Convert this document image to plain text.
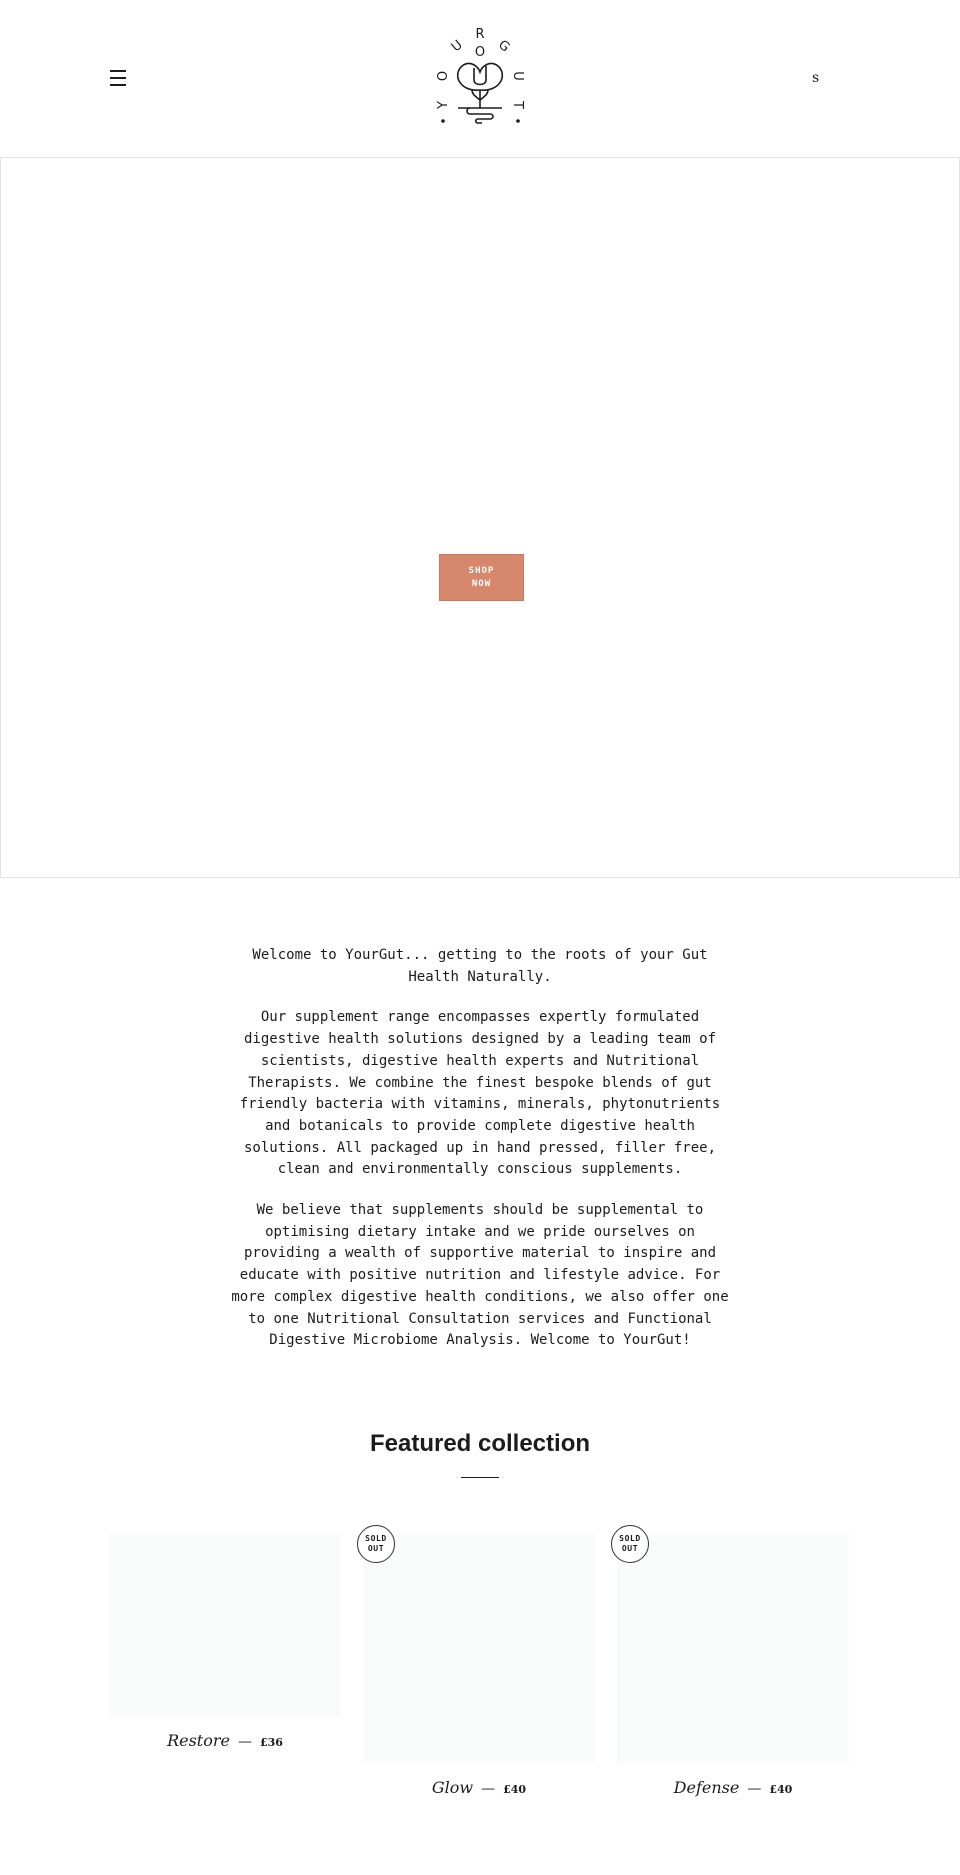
R
U O G
O	U
Y	T
s
SHOP
NOW

Welcome to YourGut... getting to the roots of your Gut Health Naturally.

Our supplement range encompasses expertly formulated digestive health solutions designed by a leading team of scientists, digestive health experts and Nutritional Therapists. We combine the finest bespoke blends of gut friendly bacteria with vitamins, minerals, phytonutrients and botanicals to provide complete digestive health solutions. All packaged up in hand pressed, filler free, clean and environmentally conscious supplements.

We believe that supplements should be supplemental to optimising dietary intake and we pride ourselves on providing a wealth of supportive material to inspire and educate with positive nutrition and lifestyle advice. For more complex digestive health conditions, we also offer one to one Nutritional Consultation services and Functional Digestive Microbiome Analysis. Welcome to YourGut!

Featured collection
Restore — £36
Glow — £40
SOLD
OUT
Defense — £40
SOLD
OUT
